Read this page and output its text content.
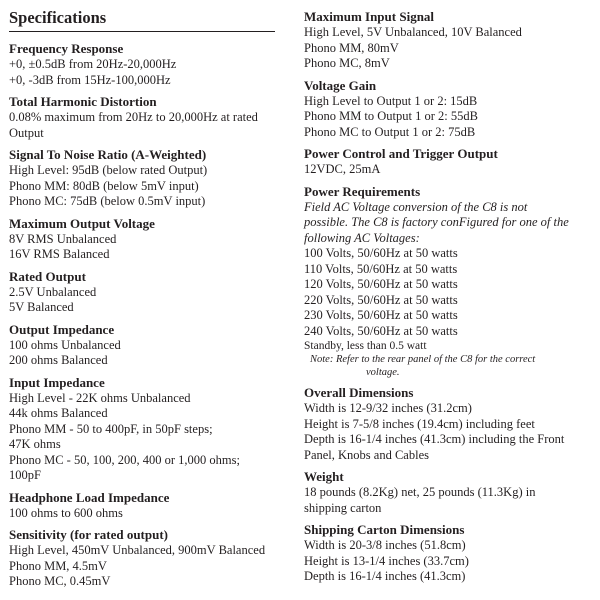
Specifications
Frequency Response
+0, ±0.5dB from 20Hz-20,000Hz
+0, -3dB from 15Hz-100,000Hz
Total Harmonic Distortion
0.08% maximum from 20Hz to 20,000Hz at rated
Output
Signal To Noise Ratio (A-Weighted)
High Level: 95dB (below rated Output)
Phono MM: 80dB (below 5mV input)
Phono MC: 75dB (below 0.5mV input)
Maximum Output Voltage
8V RMS Unbalanced
16V RMS Balanced
Rated Output
2.5V Unbalanced
5V Balanced
Output Impedance
100 ohms Unbalanced
200 ohms Balanced
Input Impedance
High Level - 22K ohms Unbalanced
44k ohms Balanced
Phono MM - 50 to 400pF, in 50pF steps;
47K ohms
Phono MC - 50, 100, 200, 400 or 1,000 ohms;
100pF
Headphone Load Impedance
100 ohms to 600 ohms
Sensitivity (for rated output)
High Level, 450mV Unbalanced, 900mV Balanced
Phono MM, 4.5mV
Phono MC, 0.45mV
Maximum Input Signal
High Level, 5V Unbalanced, 10V Balanced
Phono MM, 80mV
Phono MC, 8mV
Voltage Gain
High Level to Output 1 or 2: 15dB
Phono MM to Output 1 or 2: 55dB
Phono MC to Output 1 or 2: 75dB
Power Control and Trigger Output
12VDC, 25mA
Power Requirements
Field AC Voltage conversion of the C8 is not
possible. The C8 is factory conFigured for one of the
following AC Voltages:
100 Volts, 50/60Hz at 50 watts
110 Volts, 50/60Hz at 50 watts
120 Volts, 50/60Hz at 50 watts
220 Volts, 50/60Hz at 50 watts
230 Volts, 50/60Hz at 50 watts
240 Volts, 50/60Hz at 50 watts
Standby, less than 0.5 watt
Note: Refer to the rear panel of the C8 for the correct
voltage.
Overall Dimensions
Width is 12-9/32 inches (31.2cm)
Height is 7-5/8 inches (19.4cm) including feet
Depth is 16-1/4 inches (41.3cm) including the Front
Panel, Knobs and Cables
Weight
18 pounds (8.2Kg) net, 25 pounds (11.3Kg) in
shipping carton
Shipping Carton Dimensions
Width is 20-3/8 inches (51.8cm)
Height is 13-1/4 inches (33.7cm)
Depth is 16-1/4 inches (41.3cm)
